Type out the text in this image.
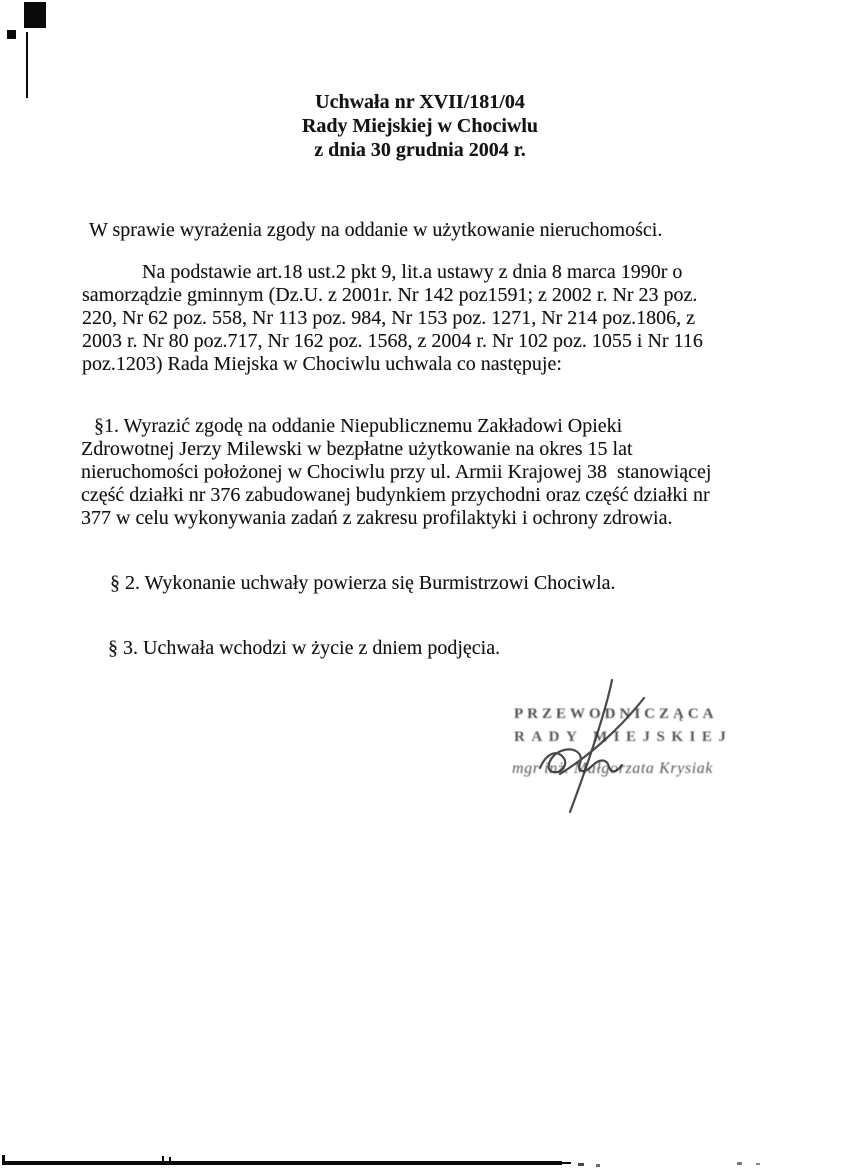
Uchwała nr XVII/181/04
Rady Miejskiej w Chociwlu
z dnia 30 grudnia 2004 r.
W sprawie wyrażenia zgody na oddanie w użytkowanie nieruchomości.
Na podstawie art.18 ust.2 pkt 9, lit.a ustawy z dnia 8 marca 1990r o
samorządzie gminnym (Dz.U. z 2001r. Nr 142 poz1591; z 2002 r. Nr 23 poz.
220, Nr 62 poz. 558, Nr 113 poz. 984, Nr 153 poz. 1271, Nr 214 poz.1806, z
2003 r. Nr 80 poz.717, Nr 162 poz. 1568, z 2004 r. Nr 102 poz. 1055 i Nr 116
poz.1203) Rada Miejska w Chociwlu uchwala co następuje:
§1. Wyrazić zgodę na oddanie Niepublicznemu Zakładowi Opieki
Zdrowotnej Jerzy Milewski w bezpłatne użytkowanie na okres 15 lat
nieruchomości położonej w Chociwlu przy ul. Armii Krajowej 38  stanowiącej
część działki nr 376 zabudowanej budynkiem przychodni oraz część działki nr
377 w celu wykonywania zadań z zakresu profilaktyki i ochrony zdrowia.
§ 2. Wykonanie uchwały powierza się Burmistrzowi Chociwla.
§ 3. Uchwała wchodzi w życie z dniem podjęcia.
PRZEWODNICZĄCA
RADY MIEJSKIEJ
mgr inż. Małgorzata Krysiak
